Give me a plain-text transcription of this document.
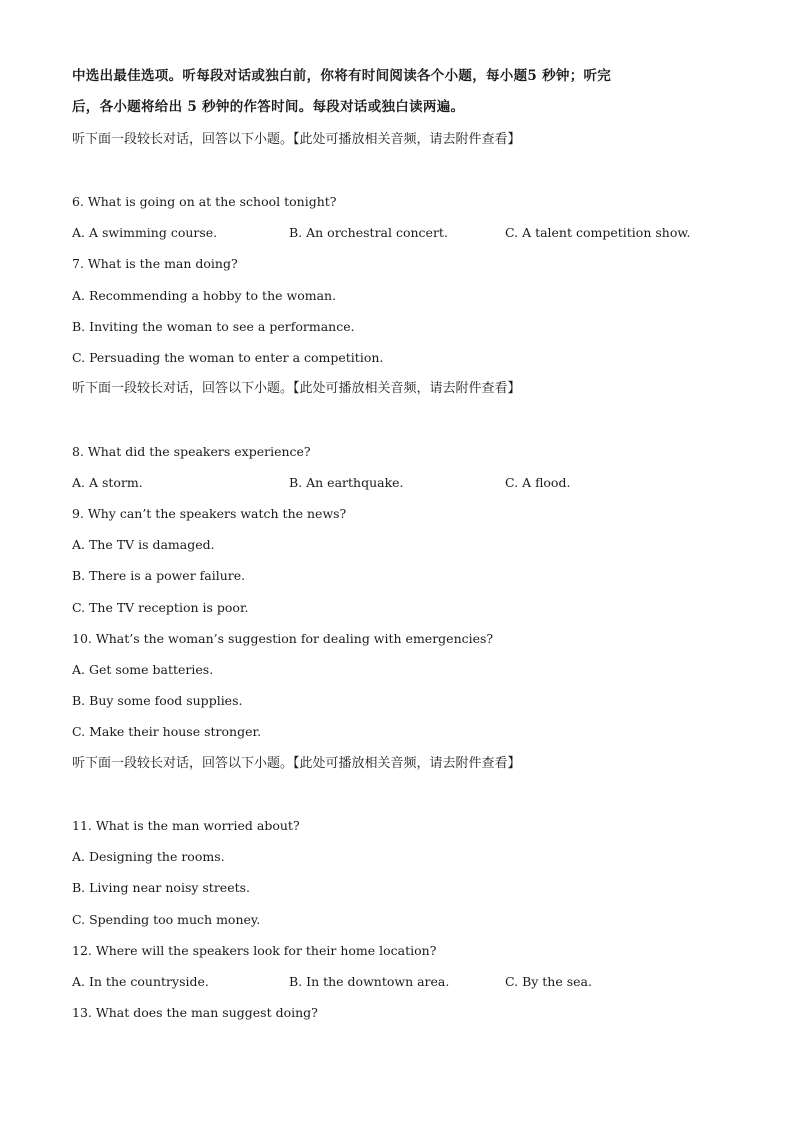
中选出最佳选项。听每段对话或独白前，你将有时间阅读各个小题，每小题5 秒钟；听完
后，各小题将给出 5 秒钟的作答时间。每段对话或独白读两遍。
听下面一段较长对话，回答以下小题。【此处可播放相关音频，请去附件查看】
6. What is going on at the school tonight?
A. A swimming course.	B. An orchestral concert.	C. A talent competition show.
7. What is the man doing?
A. Recommending a hobby to the woman.
B. Inviting the woman to see a performance.
C. Persuading the woman to enter a competition.
听下面一段较长对话，回答以下小题。【此处可播放相关音频，请去附件查看】
8. What did the speakers experience?
A. A storm.	B. An earthquake.	C. A flood.
9. Why can’t the speakers watch the news?
A. The TV is damaged.
B. There is a power failure.
C. The TV reception is poor.
10. What’s the woman’s suggestion for dealing with emergencies?
A. Get some batteries.
B. Buy some food supplies.
C. Make their house stronger.
听下面一段较长对话，回答以下小题。【此处可播放相关音频，请去附件查看】
11. What is the man worried about?
A. Designing the rooms.
B. Living near noisy streets.
C. Spending too much money.
12. Where will the speakers look for their home location?
A. In the countryside.	B. In the downtown area.	C. By the sea.
13. What does the man suggest doing?
